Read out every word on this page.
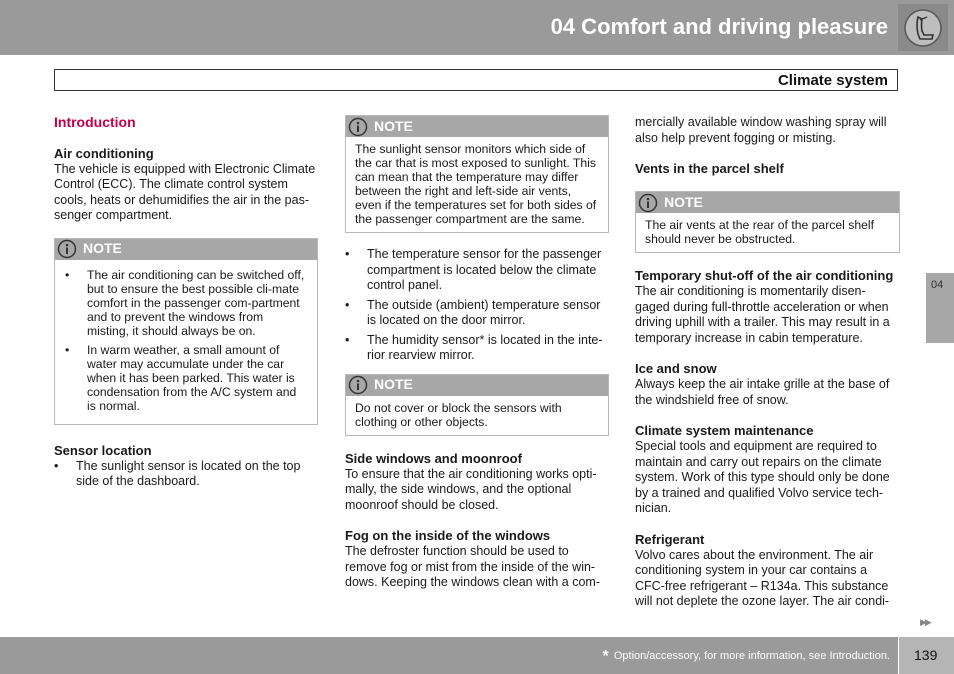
04 Comfort and driving pleasure
Climate system
Introduction
Air conditioning

The vehicle is equipped with Electronic Climate Control (ECC). The climate control system cools, heats or dehumidifies the air in the pas-senger compartment.

NOTE
• The air conditioning can be switched off, but to ensure the best possible cli-mate comfort in the passenger com-partment and to prevent the windows from misting, it should always be on.
• In warm weather, a small amount of water may accumulate under the car when it has been parked. This water is condensation from the A/C system and is normal.
Sensor location
• The sunlight sensor is located on the top side of the dashboard.
NOTE
The sunlight sensor monitors which side of the car that is most exposed to sunlight. This can mean that the temperature may differ between the right and left-side air vents, even if the temperatures set for both sides of the passenger compartment are the same.
• The temperature sensor for the passenger compartment is located below the climate control panel.
• The outside (ambient) temperature sensor is located on the door mirror.
• The humidity sensor* is located in the inte-rior rearview mirror.
NOTE
Do not cover or block the sensors with clothing or other objects.
Side windows and moonroof

To ensure that the air conditioning works opti-mally, the side windows, and the optional moonroof should be closed.

Fog on the inside of the windows

The defroster function should be used to remove fog or mist from the inside of the win-dows. Keeping the windows clean with a com-

mercially available window washing spray will also help prevent fogging or misting.

Vents in the parcel shelf
NOTE
The air vents at the rear of the parcel shelf should never be obstructed.
Temporary shut-off of the air conditioning

The air conditioning is momentarily disen-gaged during full-throttle acceleration or when driving uphill with a trailer. This may result in a temporary increase in cabin temperature.

Ice and snow

Always keep the air intake grille at the base of the windshield free of snow.

Climate system maintenance

Special tools and equipment are required to maintain and carry out repairs on the climate system. Work of this type should only be done by a trained and qualified Volvo service tech-nician.

Refrigerant

Volvo cares about the environment. The air conditioning system in your car contains a CFC-free refrigerant – R134a. This substance will not deplete the ozone layer. The air condi-

04
▶▶
* Option/accessory, for more information, see Introduction. 139
